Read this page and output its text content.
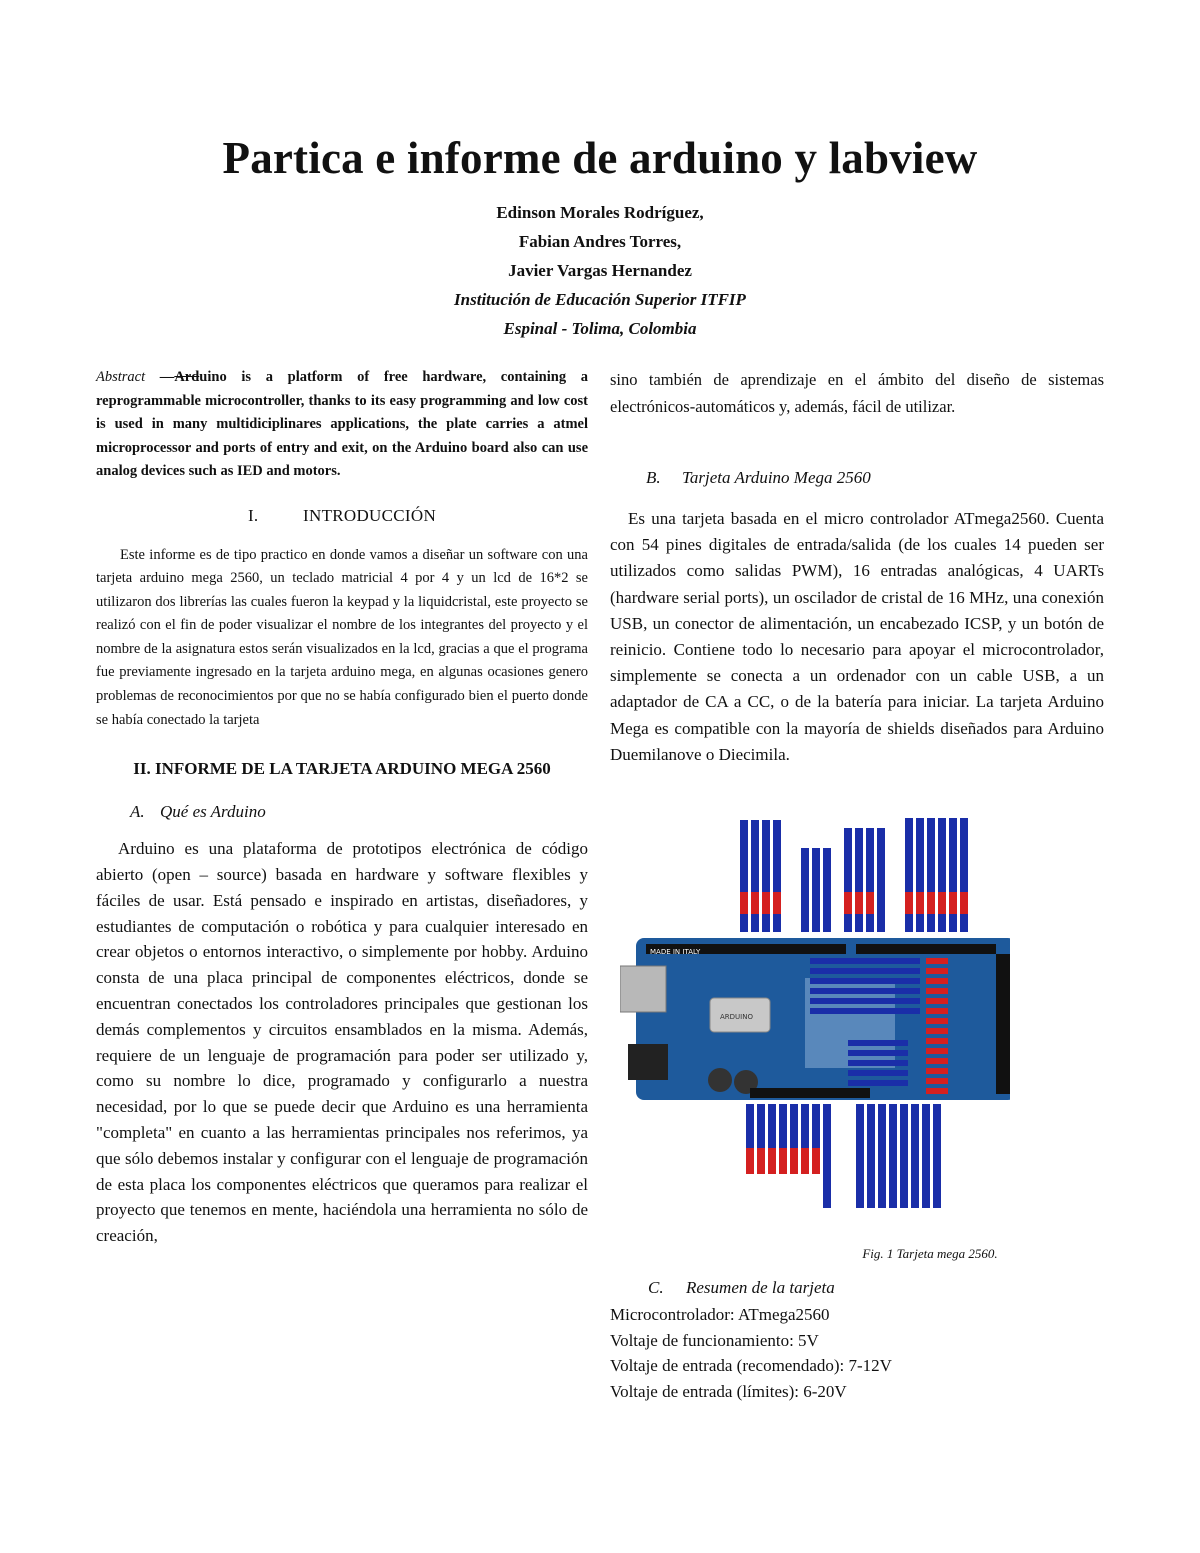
Partica e informe de arduino y labview
Edinson Morales Rodríguez,
Fabian Andres Torres,
Javier Vargas Hernandez
Institución de Educación Superior ITFIP
Espinal - Tolima, Colombia

Abstract —Arduino is a platform of free hardware, containing a reprogrammable microcontroller, thanks to its easy programming and low cost is used in many multidiciplinares applications, the plate carries a atmel microprocessor and ports of entry and exit, on the Arduino board also can use analog devices such as IED and motors.

I.	INTRODUCCIÓN

Este informe es de tipo practico en donde vamos a diseñar un software con una tarjeta arduino mega 2560, un teclado matricial 4 por 4 y un lcd de 16*2 se utilizaron dos librerías las cuales fueron la keypad y la liquidcristal, este proyecto se realizó con el fin de poder visualizar el nombre de los integrantes del proyecto y el nombre de la asignatura estos serán visualizados en la lcd, gracias a que el programa fue previamente ingresado en la tarjeta arduino mega, en algunas ocasiones genero problemas de reconocimientos por que no se había configurado bien el puerto donde se había conectado la tarjeta

II. INFORME DE LA TARJETA ARDUINO MEGA 2560
A. Qué es Arduino

Arduino es una plataforma de prototipos electrónica de código abierto (open – source) basada en hardware y software flexibles y fáciles de usar. Está pensado e inspirado en artistas, diseñadores, y estudiantes de computación o robótica y para cualquier interesado en crear objetos o entornos interactivo, o simplemente por hobby. Arduino consta de una placa principal de componentes eléctricos, donde se encuentran conectados los controladores principales que gestionan los demás complementos y circuitos ensamblados en la misma. Además, requiere de un lenguaje de programación para poder ser utilizado y, como su nombre lo dice, programado y configurarlo a nuestra necesidad, por lo que se puede decir que Arduino es una herramienta "completa" en cuanto a las herramientas principales nos referimos, ya que sólo debemos instalar y configurar con el lenguaje de programación de esta placa los componentes eléctricos que queramos para realizar el proyecto que tenemos en mente, haciéndola una herramienta no sólo de creación,

sino también de aprendizaje en el ámbito del diseño de sistemas electrónicos-automáticos y, además, fácil de utilizar.

B. Tarjeta Arduino Mega 2560

Es una tarjeta basada en el micro controlador ATmega2560. Cuenta con 54 pines digitales de entrada/salida (de los cuales 14 pueden ser utilizados como salidas PWM), 16 entradas analógicas, 4 UARTs (hardware serial ports), un oscilador de cristal de 16 MHz, una conexión USB, un conector de alimentación, un encabezado ICSP, y un botón de reinicio. Contiene todo lo necesario para apoyar el microcontrolador, simplemente se conecta a un ordenador con un cable USB, a un adaptador de CA a CC, o de la batería para iniciar. La tarjeta Arduino Mega es compatible con la mayoría de shields diseñados para Arduino Duemilanove o Diecimila.

MADE IN ITALY
ARDUINO
Fig. 1 Tarjeta mega 2560.
C. Resumen de la tarjeta
Microcontrolador: ATmega2560
Voltaje de funcionamiento: 5V
Voltaje de entrada (recomendado): 7-12V
Voltaje de entrada (límites): 6-20V
